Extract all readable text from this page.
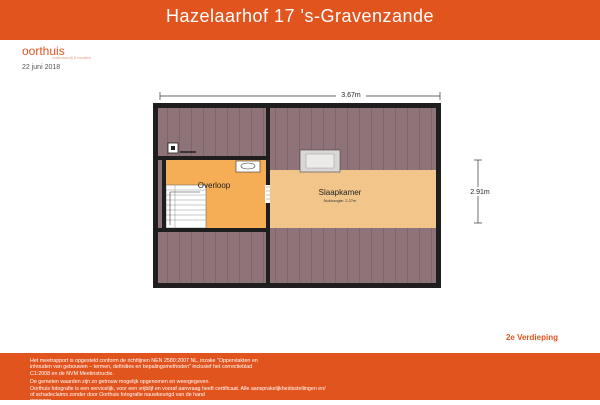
Hazelaarhof 17 's-Gravenzande
oorthuis
makelaardij & taxaties
22 juni 2018
3.67m
Overloop
Slaapkamer
Nokhoogte: 2.27m
2.91m
2e Verdieping

Het meetrapport is opgesteld conform de richtlijnen NEN 2580:2007 NL, inzake "Oppervlakten en

inhouden van gebouwen – termen, definities en bepalingsmethoden" inclusief het correctieblad

C1:2008 en de NVM Meetinstructie.

De gemeten waarden zijn zo getrouw mogelijk opgenomen en weergegeven.

Oorthuis fotografie is een servicelijk, voor een vrijblijf en vooraf aanvraag heeft certificaat. Alle aansprakelijkheidsstellingen en/

of schadeclaims zonder door Oorthuis fotografie nauwkeurigd van de hand

gewezen.
